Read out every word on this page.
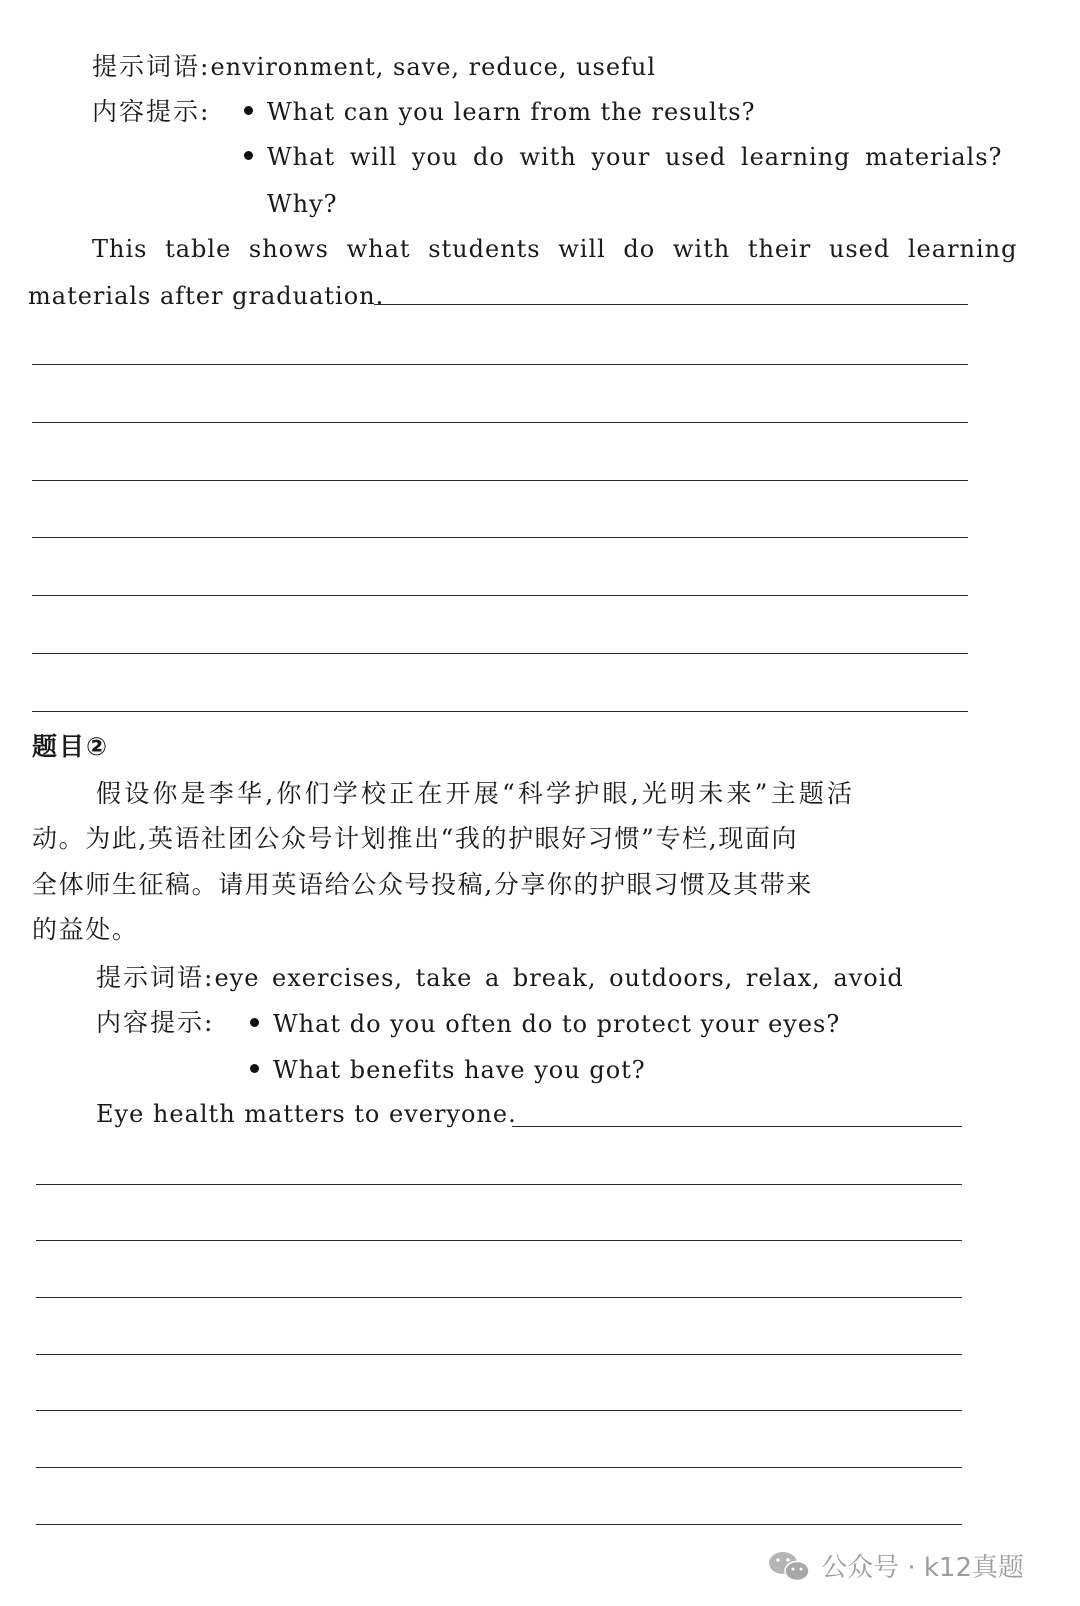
提示词语:environment, save, reduce, useful
内容提示:	What can you learn from the results?
What will you do with your used learning materials?
Why?
This table shows what students will do with their used learning
materials after graduation.
题目②
假设你是李华,你们学校正在开展“科学护眼,光明未来”主题活
动。为此,英语社团公众号计划推出“我的护眼好习惯”专栏,现面向
全体师生征稿。请用英语给公众号投稿,分享你的护眼习惯及其带来
的益处。
提示词语:eye exercises, take a break, outdoors, relax, avoid
内容提示:	What do you often do to protect your eyes?
What benefits have you got?
Eye health matters to everyone.
公众号 · k12真题
